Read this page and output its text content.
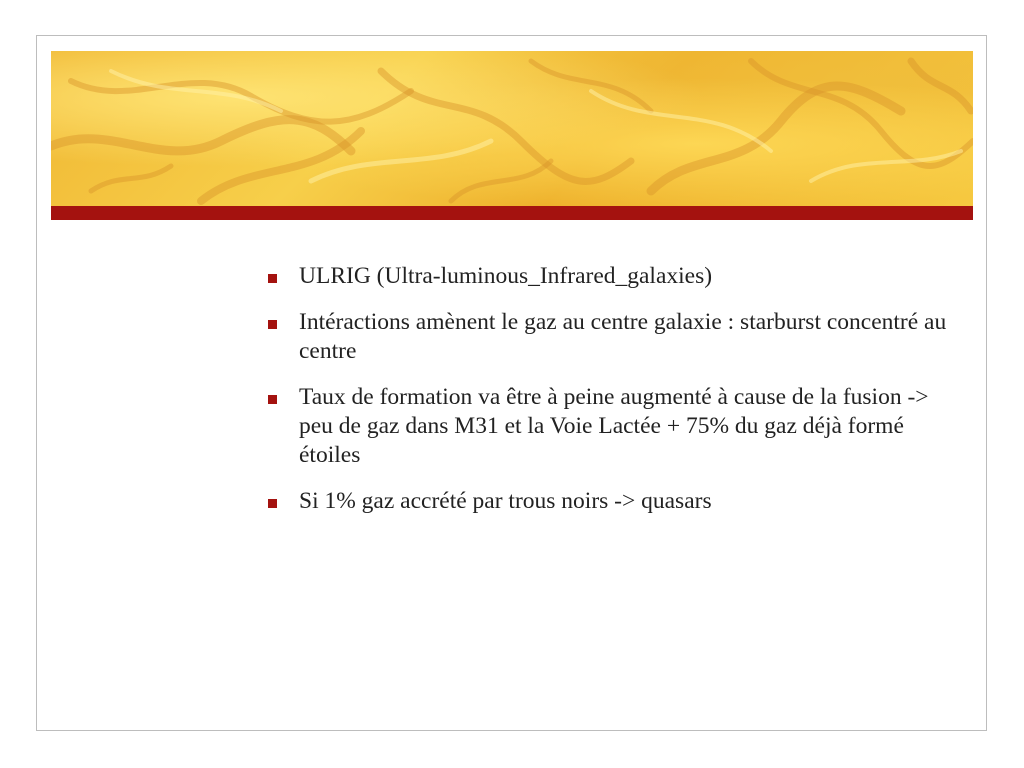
ULRIG (Ultra-luminous_Infrared_galaxies)
Intéractions amènent le gaz au centre galaxie : starburst concentré au centre
Taux de formation va être à peine augmenté à cause de la fusion -> peu de gaz dans M31 et la Voie Lactée + 75% du gaz déjà formé étoiles
Si 1% gaz accrété par trous noirs -> quasars
